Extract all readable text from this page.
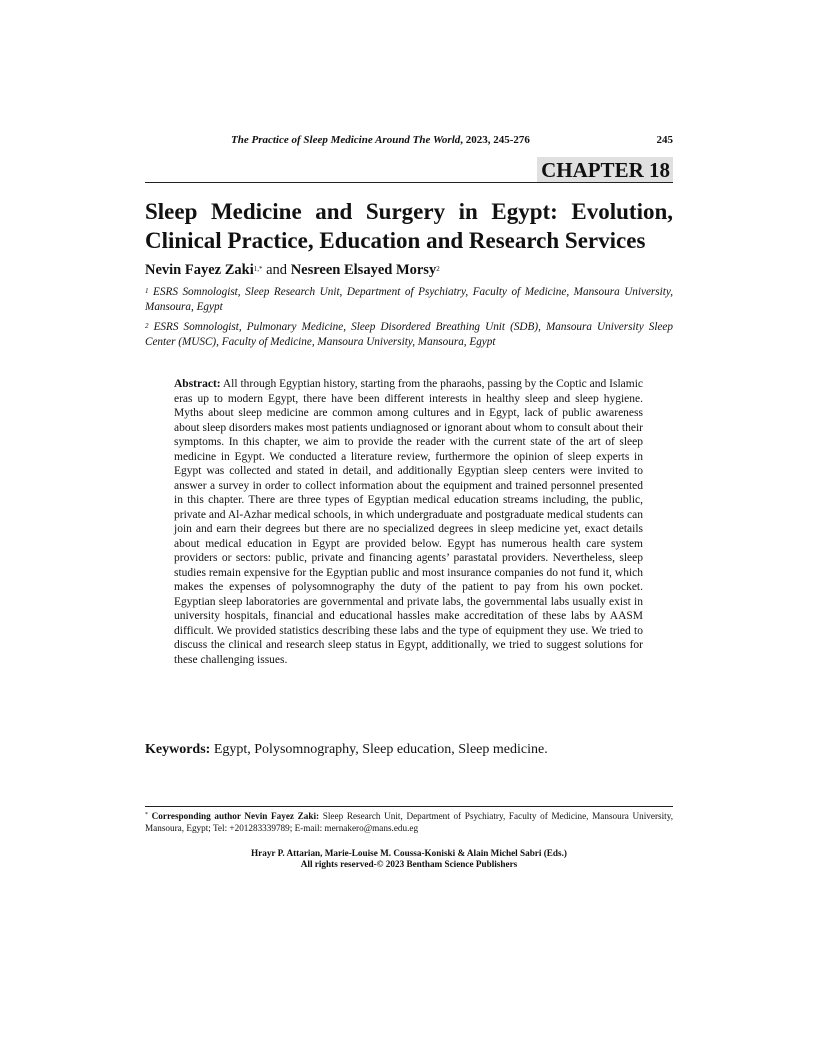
The Practice of Sleep Medicine Around The World, 2023, 245-276	245
CHAPTER 18
Sleep Medicine and Surgery in Egypt: Evolution, Clinical Practice, Education and Research Services
Nevin Fayez Zaki$^{1,*}$ and Nesreen Elsayed Morsy$^2$
$^1$ ESRS Somnologist, Sleep Research Unit, Department of Psychiatry, Faculty of Medicine, Mansoura University, Mansoura, Egypt
$^2$ ESRS Somnologist, Pulmonary Medicine, Sleep Disordered Breathing Unit (SDB), Mansoura University Sleep Center (MUSC), Faculty of Medicine, Mansoura University, Mansoura, Egypt
Abstract: All through Egyptian history, starting from the pharaohs, passing by the Coptic and Islamic eras up to modern Egypt, there have been different interests in healthy sleep and sleep hygiene. Myths about sleep medicine are common among cultures and in Egypt, lack of public awareness about sleep disorders makes most patients undiagnosed or ignorant about whom to consult about their symptoms. In this chapter, we aim to provide the reader with the current state of the art of sleep medicine in Egypt. We conducted a literature review, furthermore the opinion of sleep experts in Egypt was collected and stated in detail, and additionally Egyptian sleep centers were invited to answer a survey in order to collect information about the equipment and trained personnel presented in this chapter. There are three types of Egyptian medical education streams including, the public, private and Al-Azhar medical schools, in which undergraduate and postgraduate medical students can join and earn their degrees but there are no specialized degrees in sleep medicine yet, exact details about medical education in Egypt are provided below. Egypt has numerous health care system providers or sectors: public, private and financing agents’ parastatal providers. Nevertheless, sleep studies remain expensive for the Egyptian public and most insurance companies do not fund it, which makes the expenses of polysomnography the duty of the patient to pay from his own pocket. Egyptian sleep laboratories are governmental and private labs, the governmental labs usually exist in university hospitals, financial and educational hassles make accreditation of these labs by AASM difficult. We provided statistics describing these labs and the type of equipment they use. We tried to discuss the clinical and research sleep status in Egypt, additionally, we tried to suggest solutions for these challenging issues.
Keywords: Egypt, Polysomnography, Sleep education, Sleep medicine.
* Corresponding author Nevin Fayez Zaki: Sleep Research Unit, Department of Psychiatry, Faculty of Medicine, Mansoura University, Mansoura, Egypt; Tel: +201283339789; E-mail: mernakero@mans.edu.eg
Hrayr P. Attarian, Marie-Louise M. Coussa-Koniski & Alain Michel Sabri (Eds.)
All rights reserved-© 2023 Bentham Science Publishers
